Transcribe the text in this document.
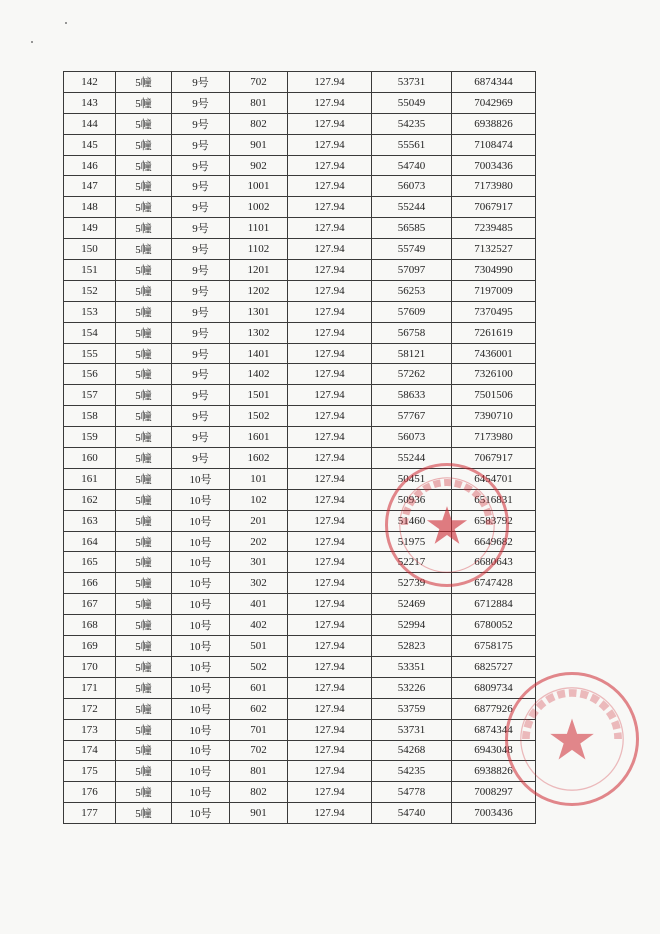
142	5幢	9号	702	127.94	53731	6874344
143	5幢	9号	801	127.94	55049	7042969
144	5幢	9号	802	127.94	54235	6938826
145	5幢	9号	901	127.94	55561	7108474
146	5幢	9号	902	127.94	54740	7003436
147	5幢	9号	1001	127.94	56073	7173980
148	5幢	9号	1002	127.94	55244	7067917
149	5幢	9号	1101	127.94	56585	7239485
150	5幢	9号	1102	127.94	55749	7132527
151	5幢	9号	1201	127.94	57097	7304990
152	5幢	9号	1202	127.94	56253	7197009
153	5幢	9号	1301	127.94	57609	7370495
154	5幢	9号	1302	127.94	56758	7261619
155	5幢	9号	1401	127.94	58121	7436001
156	5幢	9号	1402	127.94	57262	7326100
157	5幢	9号	1501	127.94	58633	7501506
158	5幢	9号	1502	127.94	57767	7390710
159	5幢	9号	1601	127.94	56073	7173980
160	5幢	9号	1602	127.94	55244	7067917
161	5幢	10号	101	127.94	50451	6454701
162	5幢	10号	102	127.94	50936	6516831
163	5幢	10号	201	127.94	51460	6583792
164	5幢	10号	202	127.94	51975	6649682
165	5幢	10号	301	127.94	52217	6680643
166	5幢	10号	302	127.94	52739	6747428
167	5幢	10号	401	127.94	52469	6712884
168	5幢	10号	402	127.94	52994	6780052
169	5幢	10号	501	127.94	52823	6758175
170	5幢	10号	502	127.94	53351	6825727
171	5幢	10号	601	127.94	53226	6809734
172	5幢	10号	602	127.94	53759	6877926
173	5幢	10号	701	127.94	53731	6874344
174	5幢	10号	702	127.94	54268	6943048
175	5幢	10号	801	127.94	54235	6938826
176	5幢	10号	802	127.94	54778	7008297
177	5幢	10号	901	127.94	54740	7003436
